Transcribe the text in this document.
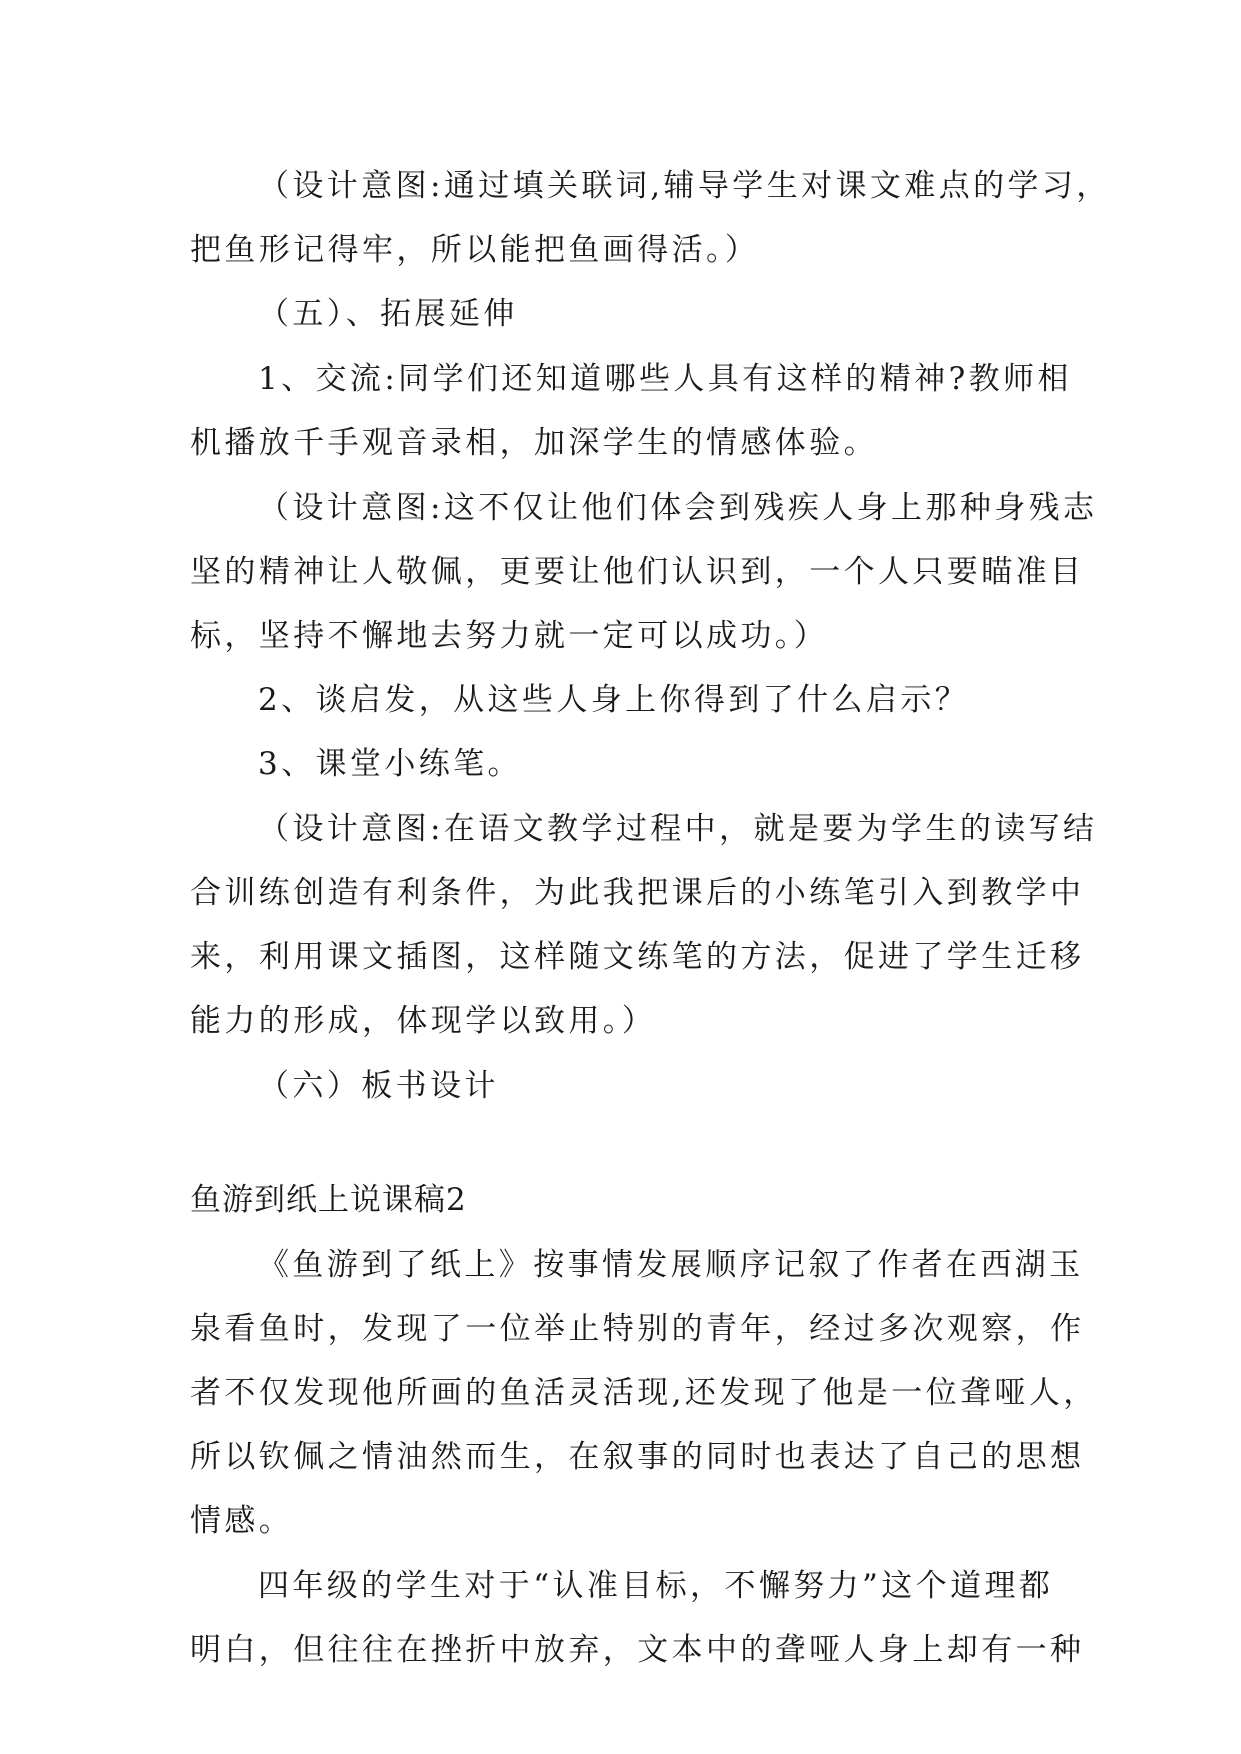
（设计意图:通过填关联词,辅导学生对课文难点的学习，
把鱼形记得牢，所以能把鱼画得活。）
（五）、拓展延伸
1、交流:同学们还知道哪些人具有这样的精神?教师相
机播放千手观音录相，加深学生的情感体验。
（设计意图:这不仅让他们体会到残疾人身上那种身残志
坚的精神让人敬佩，更要让他们认识到，一个人只要瞄准目
标，坚持不懈地去努力就一定可以成功。）
2、谈启发，从这些人身上你得到了什么启示？
3、课堂小练笔。
（设计意图:在语文教学过程中，就是要为学生的读写结
合训练创造有利条件，为此我把课后的小练笔引入到教学中
来，利用课文插图，这样随文练笔的方法，促进了学生迁移
能力的形成，体现学以致用。）
（六）板书设计
鱼游到纸上说课稿2
《鱼游到了纸上》按事情发展顺序记叙了作者在西湖玉
泉看鱼时，发现了一位举止特别的青年，经过多次观察，作
者不仅发现他所画的鱼活灵活现,还发现了他是一位聋哑人，
所以钦佩之情油然而生，在叙事的同时也表达了自己的思想
情感。
四年级的学生对于“认准目标，不懈努力”这个道理都
明白，但往往在挫折中放弃，文本中的聋哑人身上却有一种
